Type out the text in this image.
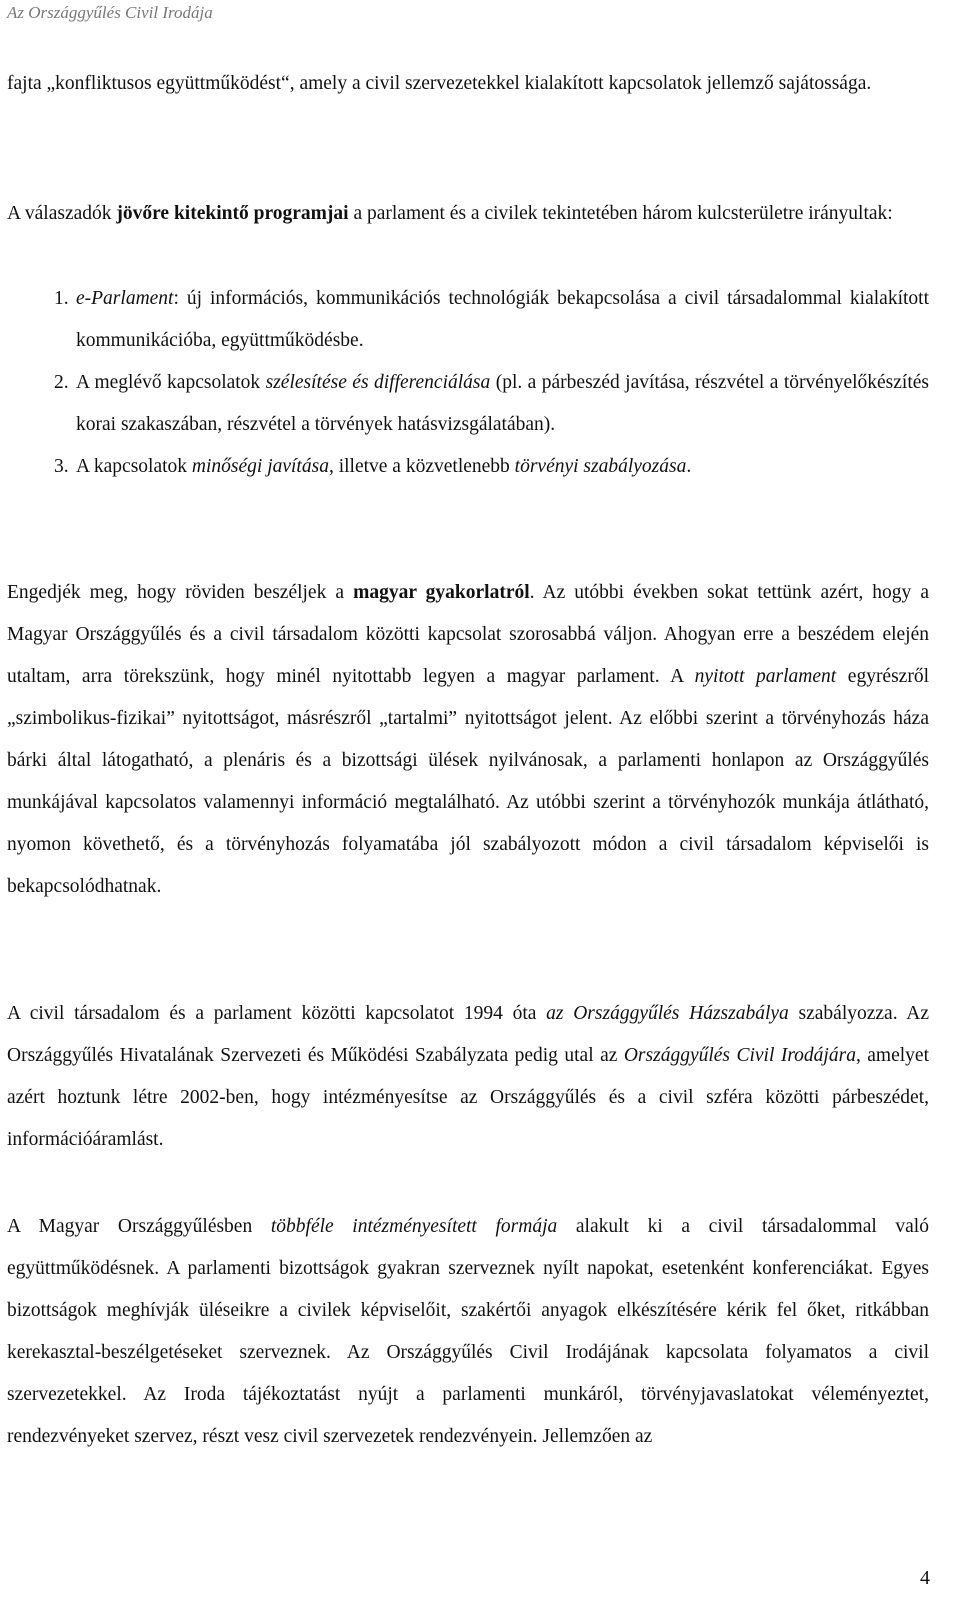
Az Országgyűlés Civil Irodája

fajta „konfliktusos együttműködést“, amely a civil szervezetekkel kialakított kapcsolatok jellemző sajátossága.

A válaszadók jövőre kitekintő programjai a parlament és a civilek tekintetében három kulcsterületre irányultak:

1. e-Parlament: új információs, kommunikációs technológiák bekapcsolása a civil társadalommal kialakított kommunikációba, együttműködésbe.
2. A meglévő kapcsolatok szélesítése és differenciálása (pl. a párbeszéd javítása, részvétel a törvényelőkészítés korai szakaszában, részvétel a törvények hatásvizsgálatában).
3. A kapcsolatok minőségi javítása, illetve a közvetlenebb törvényi szabályozása.

Engedjék meg, hogy röviden beszéljek a magyar gyakorlatról. Az utóbbi években sokat tettünk azért, hogy a Magyar Országgyűlés és a civil társadalom közötti kapcsolat szorosabbá váljon. Ahogyan erre a beszédem elején utaltam, arra törekszünk, hogy minél nyitottabb legyen a magyar parlament. A nyitott parlament egyrészről „szimbolikus-fizikai” nyitottságot, másrészről „tartalmi” nyitottságot jelent. Az előbbi szerint a törvényhozás háza bárki által látogatható, a plenáris és a bizottsági ülések nyilvánosak, a parlamenti honlapon az Országgyűlés munkájával kapcsolatos valamennyi információ megtalálható. Az utóbbi szerint a törvényhozók munkája átlátható, nyomon követhető, és a törvényhozás folyamatába jól szabályozott módon a civil társadalom képviselői is bekapcsolódhatnak.

A civil társadalom és a parlament közötti kapcsolatot 1994 óta az Országgyűlés Házszabálya szabályozza. Az Országgyűlés Hivatalának Szervezeti és Működési Szabályzata pedig utal az Országgyűlés Civil Irodájára, amelyet azért hoztunk létre 2002-ben, hogy intézményesítse az Országgyűlés és a civil szféra közötti párbeszédet, információáramlást.

A Magyar Országgyűlésben többféle intézményesített formája alakult ki a civil társadalommal való együttműködésnek. A parlamenti bizottságok gyakran szerveznek nyílt napokat, esetenként konferenciákat. Egyes bizottságok meghívják üléseikre a civilek képviselőit, szakértői anyagok elkészítésére kérik fel őket, ritkábban kerekasztal-beszélgetéseket szerveznek. Az Országgyűlés Civil Irodájának kapcsolata folyamatos a civil szervezetekkel. Az Iroda tájékoztatást nyújt a parlamenti munkáról, törvényjavaslatokat véleményeztet, rendezvényeket szervez, részt vesz civil szervezetek rendezvényein. Jellemzően az

4
